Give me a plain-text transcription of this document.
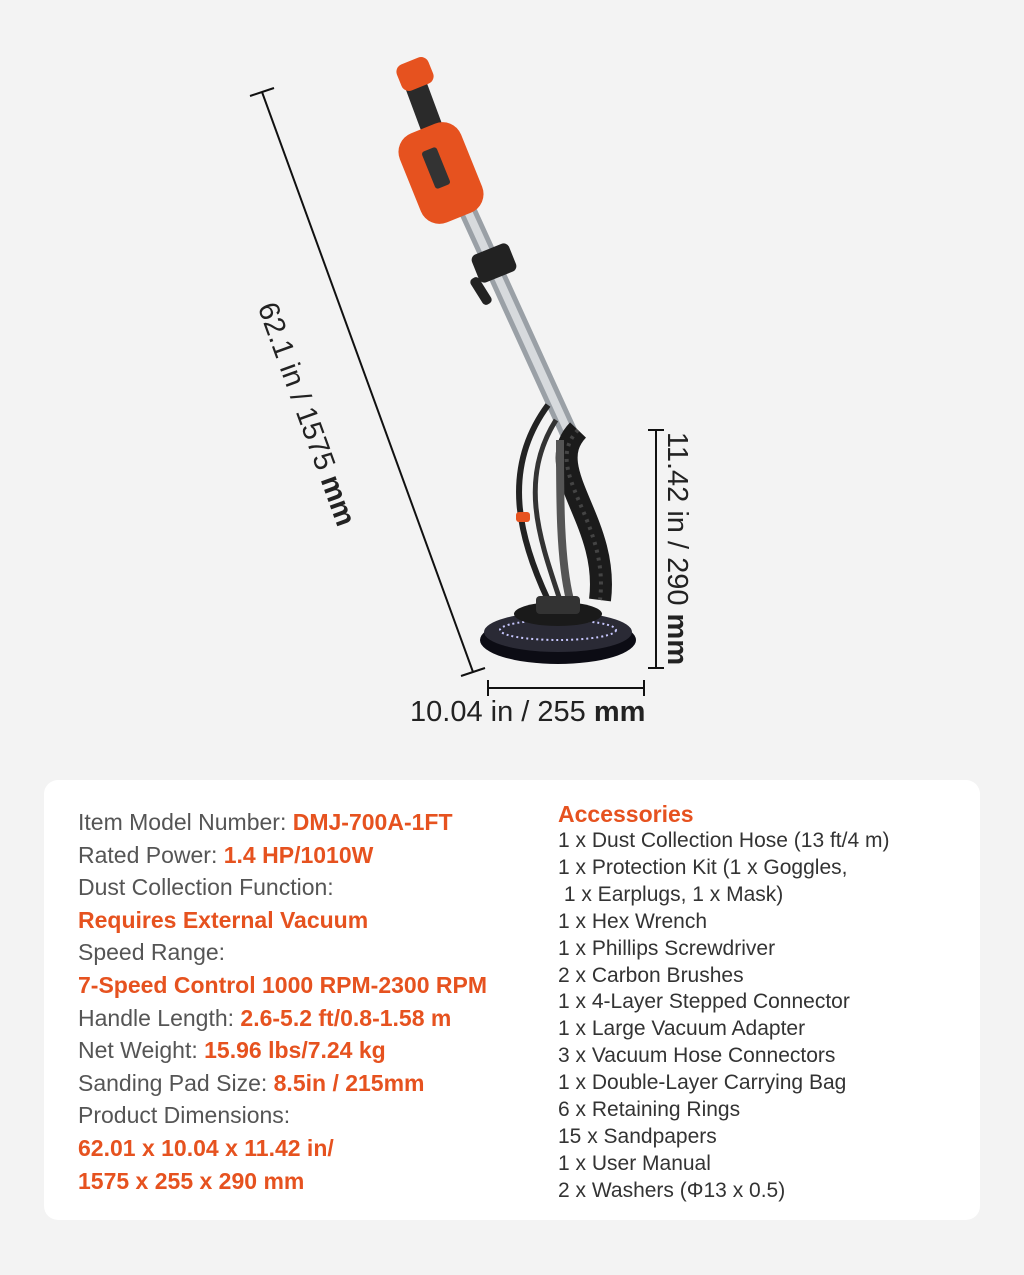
62.1 in / 1575 mm	11.42 in / 290 mm
10.04 in / 255 mm
Item Model Number: DMJ-700A-1FT
Rated Power: 1.4 HP/1010W
Dust Collection Function:
Requires External Vacuum
Speed Range:
7-Speed Control 1000 RPM-2300 RPM
Handle Length: 2.6-5.2 ft/0.8-1.58 m
Net Weight: 15.96 lbs/7.24 kg
Sanding Pad Size: 8.5in / 215mm
Product Dimensions:
62.01 x 10.04 x 11.42 in/
1575 x 255 x 290 mm
Accessories
1 x Dust Collection Hose (13 ft/4 m)
1 x Protection Kit (1 x Goggles,
1 x Earplugs, 1 x Mask)
1 x Hex Wrench
1 x Phillips Screwdriver
2 x Carbon Brushes
1 x 4-Layer Stepped Connector
1 x Large Vacuum Adapter
3 x Vacuum Hose Connectors
1 x Double-Layer Carrying Bag
6 x Retaining Rings
15 x Sandpapers
1 x User Manual
2 x Washers (Φ13 x 0.5)
